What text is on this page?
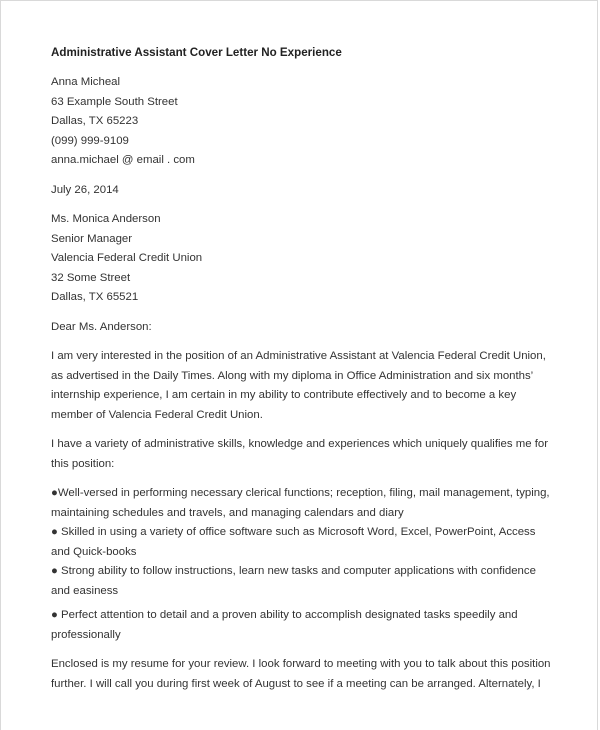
Administrative Assistant Cover Letter No Experience
Anna Micheal
63 Example South Street
Dallas, TX 65223
(099) 999-9109
anna.michael @ email . com
July 26, 2014
Ms. Monica Anderson
Senior Manager
Valencia Federal Credit Union
32 Some Street
Dallas, TX 65521
Dear Ms. Anderson:
I am very interested in the position of an Administrative Assistant at Valencia Federal Credit Union,
as advertised in the Daily Times. Along with my diploma in Office Administration and six months’
internship experience, I am certain in my ability to contribute effectively and to become a key
member of Valencia Federal Credit Union.
I have a variety of administrative skills, knowledge and experiences which uniquely qualifies me for
this position:
●Well-versed in performing necessary clerical functions; reception, filing, mail management, typing,
maintaining schedules and travels, and managing calendars and diary
● Skilled in using a variety of office software such as Microsoft Word, Excel, PowerPoint, Access
and Quick-books
● Strong ability to follow instructions, learn new tasks and computer applications with confidence
and easiness
● Perfect attention to detail and a proven ability to accomplish designated tasks speedily and
professionally
Enclosed is my resume for your review. I look forward to meeting with you to talk about this position
further. I will call you during first week of August to see if a meeting can be arranged. Alternately, I
